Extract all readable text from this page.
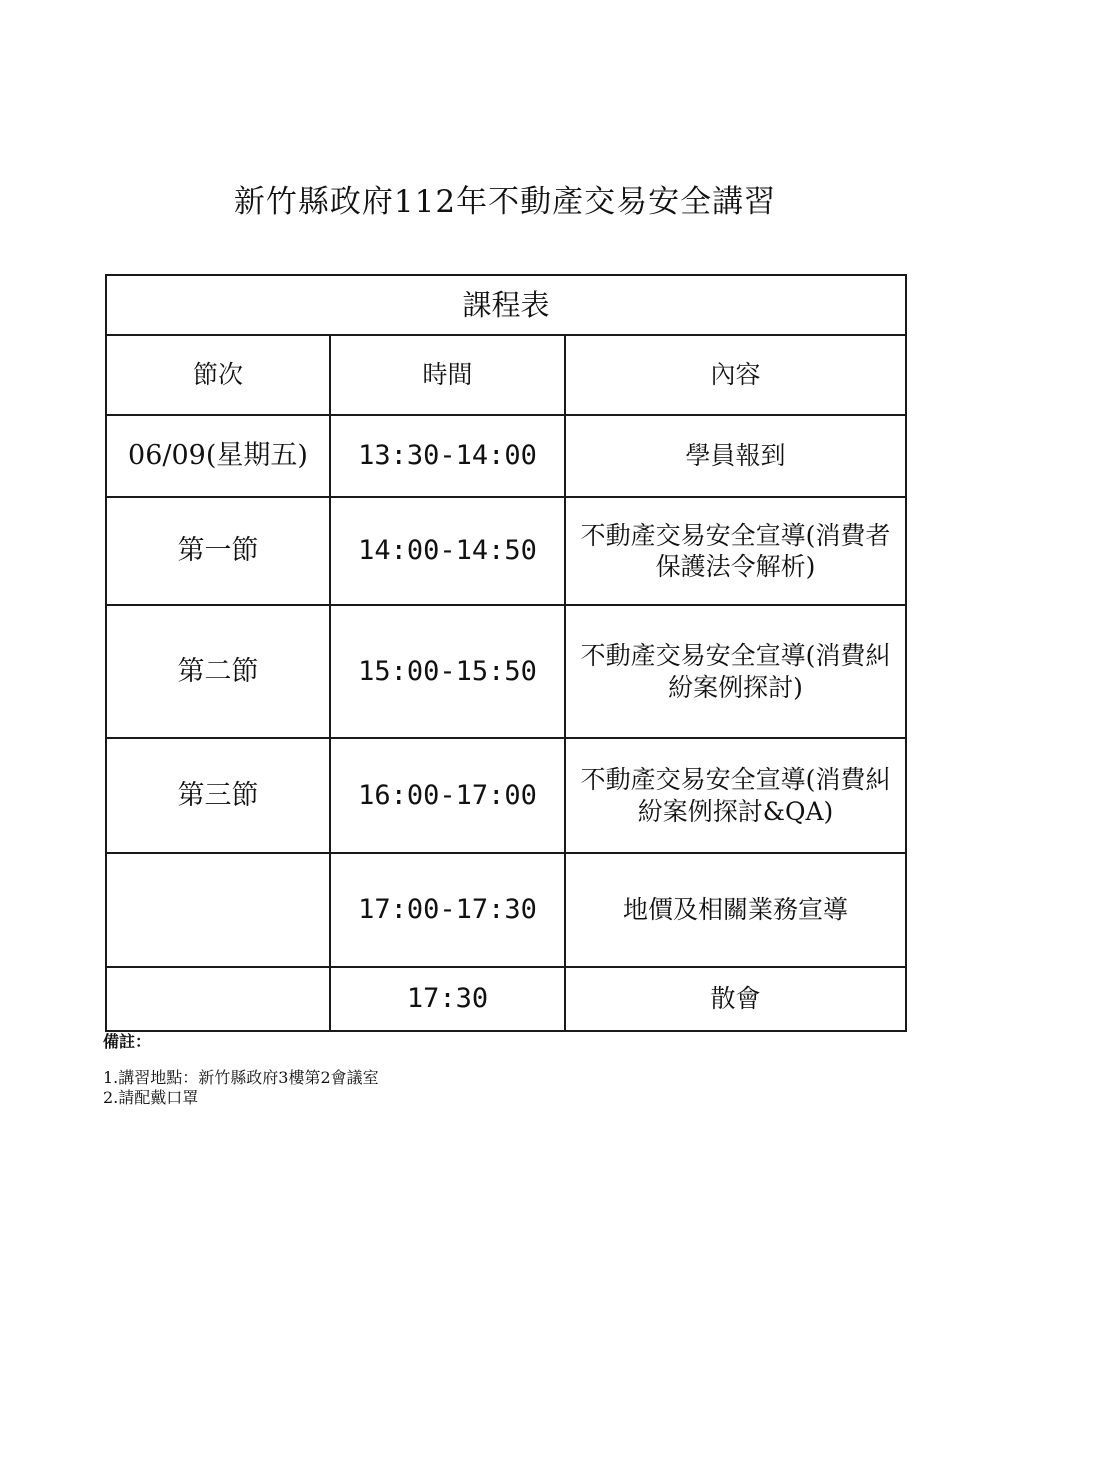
新竹縣政府112年不動產交易安全講習
課程表		
節次	時間	內容
06/09(星期五)	13:30-14:00	學員報到
第一節	14:00-14:50	不動產交易安全宣導(消費者保護法令解析)
第二節	15:00-15:50	不動產交易安全宣導(消費糾紛案例探討)
第三節	16:00-17:00	不動產交易安全宣導(消費糾紛案例探討&QA)
	17:00-17:30	地價及相關業務宣導
	17:30	散會
備註：
1.講習地點：新竹縣政府3樓第2會議室
2.請配戴口罩
